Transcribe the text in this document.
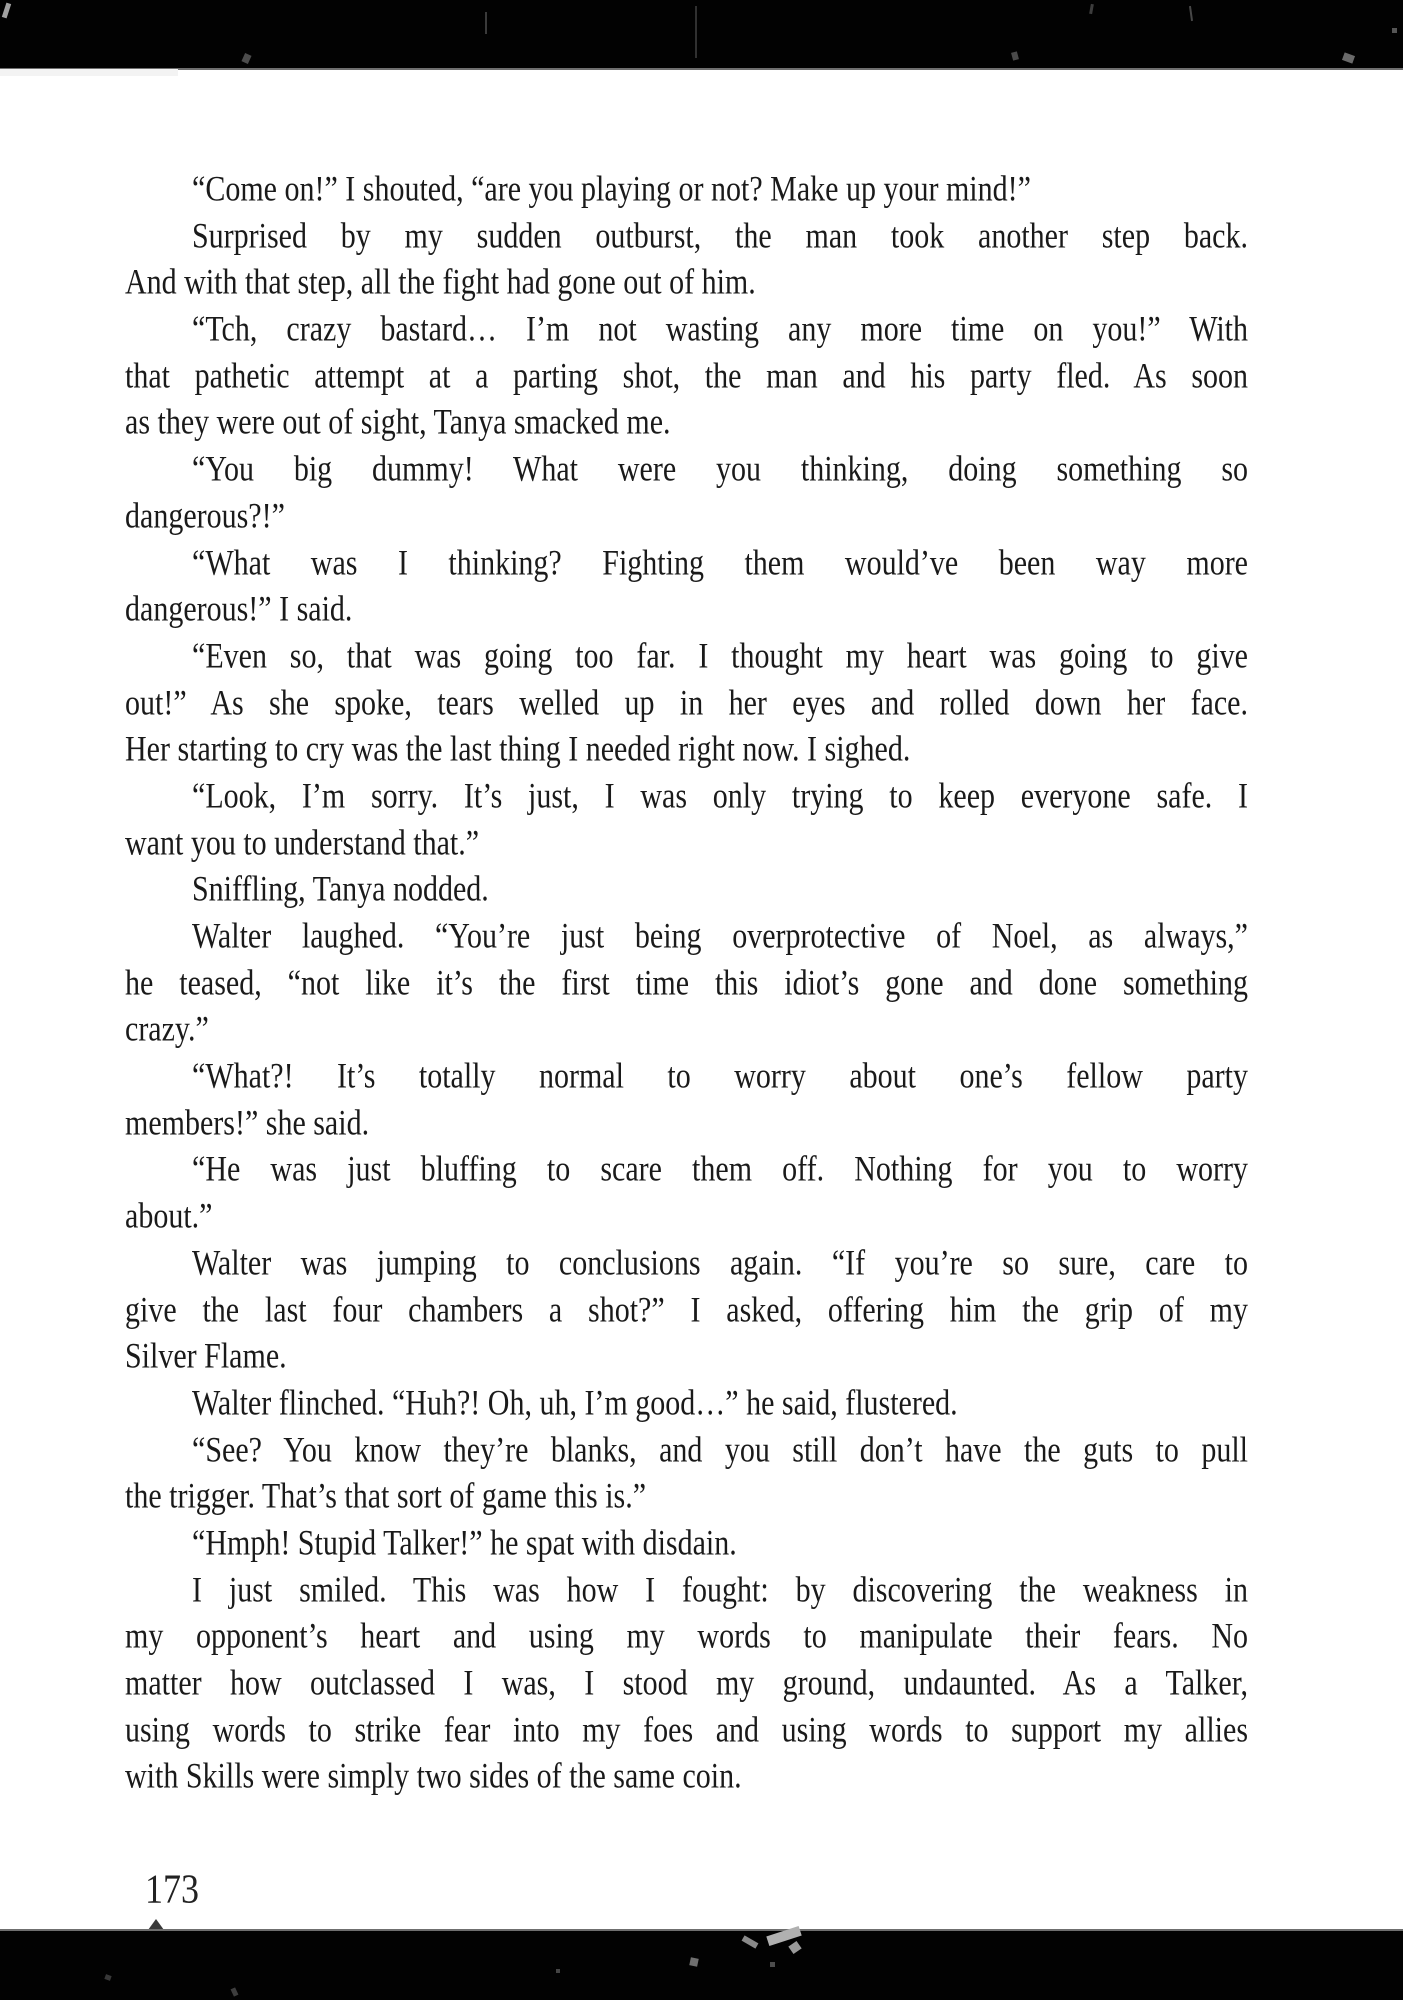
“Come on!” I shouted, “are you playing or not? Make up your mind!”

Surprised by my sudden outburst, the man took another step back.
And with that step, all the fight had gone out of him.

“Tch, crazy bastard… I’m not wasting any more time on you!” With
that pathetic attempt at a parting shot, the man and his party fled. As soon
as they were out of sight, Tanya smacked me.

“You big dummy! What were you thinking, doing something so
dangerous?!”

“What was I thinking? Fighting them would’ve been way more
dangerous!” I said.

“Even so, that was going too far. I thought my heart was going to give
out!” As she spoke, tears welled up in her eyes and rolled down her face.
Her starting to cry was the last thing I needed right now. I sighed.

“Look, I’m sorry. It’s just, I was only trying to keep everyone safe. I
want you to understand that.”

Sniffling, Tanya nodded.

Walter laughed. “You’re just being overprotective of Noel, as always,”
he teased, “not like it’s the first time this idiot’s gone and done something
crazy.”

“What?! It’s totally normal to worry about one’s fellow party
members!” she said.

“He was just bluffing to scare them off. Nothing for you to worry
about.”

Walter was jumping to conclusions again. “If you’re so sure, care to
give the last four chambers a shot?” I asked, offering him the grip of my
Silver Flame.

Walter flinched. “Huh?! Oh, uh, I’m good…” he said, flustered.

“See? You know they’re blanks, and you still don’t have the guts to pull
the trigger. That’s that sort of game this is.”

“Hmph! Stupid Talker!” he spat with disdain.

I just smiled. This was how I fought: by discovering the weakness in
my opponent’s heart and using my words to manipulate their fears. No
matter how outclassed I was, I stood my ground, undaunted. As a Talker,
using words to strike fear into my foes and using words to support my allies
with Skills were simply two sides of the same coin.

173
